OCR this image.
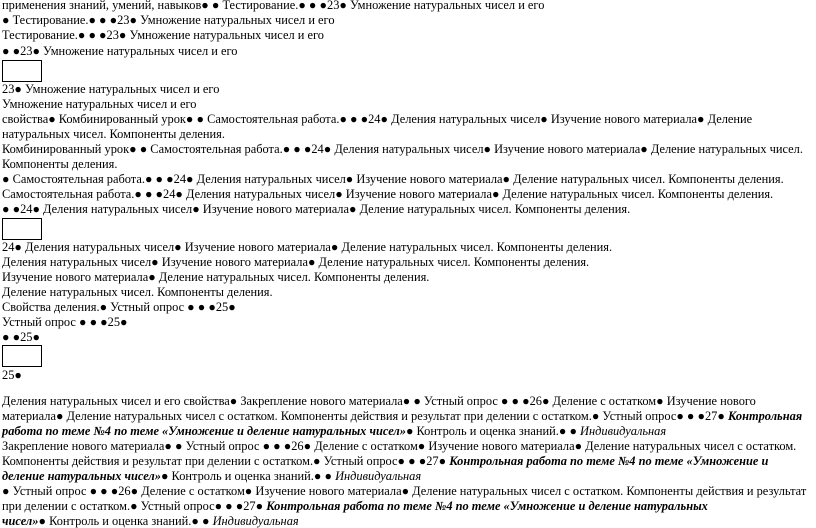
применения знаний, умений, навыков● ● Тестирование.● ● ●23● Умножение натуральных чисел и его
● Тестирование.● ● ●23● Умножение натуральных чисел и его
Тестирование.● ● ●23● Умножение натуральных чисел и его
● ●23● Умножение натуральных чисел и его
23● Умножение натуральных чисел и его
Умножение натуральных чисел и его
свойства● Комбинированный урок● ● Самостоятельная работа.● ● ●24● Деления натуральных чисел● Изучение нового материала● Деление
натуральных чисел. Компоненты деления.
Комбинированный урок● ● Самостоятельная работа.● ● ●24● Деления натуральных чисел● Изучение нового материала● Деление натуральных чисел.
Компоненты деления.
● Самостоятельная работа.● ● ●24● Деления натуральных чисел● Изучение нового материала● Деление натуральных чисел. Компоненты деления.
Самостоятельная работа.● ● ●24● Деления натуральных чисел● Изучение нового материала● Деление натуральных чисел. Компоненты деления.
● ●24● Деления натуральных чисел● Изучение нового материала● Деление натуральных чисел. Компоненты деления.
24● Деления натуральных чисел● Изучение нового материала● Деление натуральных чисел. Компоненты деления.
Деления натуральных чисел● Изучение нового материала● Деление натуральных чисел. Компоненты деления.
Изучение нового материала● Деление натуральных чисел. Компоненты деления.
Деление натуральных чисел. Компоненты деления.
Свойства деления.● Устный опрос ● ● ●25●
Устный опрос ● ● ●25●
● ●25●
25●
Деления натуральных чисел и его свойства● Закрепление нового материала● ● Устный опрос ● ● ●26● Деление с остатком● Изучение нового
материала● Деление натуральных чисел с остатком. Компоненты действия и результат при делении с остатком.● Устный опрос● ● ●27● Контрольная
работа по теме №4 по теме «Умножение и деление натуральных чисел»● Контроль и оценка знаний.● ● Индивидуальная
Закрепление нового материала● ● Устный опрос ● ● ●26● Деление с остатком● Изучение нового материала● Деление натуральных чисел с остатком.
Компоненты действия и результат при делении с остатком.● Устный опрос● ● ●27● Контрольная работа по теме №4 по теме «Умножение и
деление натуральных чисел»● Контроль и оценка знаний.● ● Индивидуальная
● Устный опрос ● ● ●26● Деление с остатком● Изучение нового материала● Деление натуральных чисел с остатком. Компоненты действия и результат
при делении с остатком.● Устный опрос● ● ●27● Контрольная работа по теме №4 по теме «Умножение и деление натуральных
чисел»● Контроль и оценка знаний.● ● Индивидуальная
